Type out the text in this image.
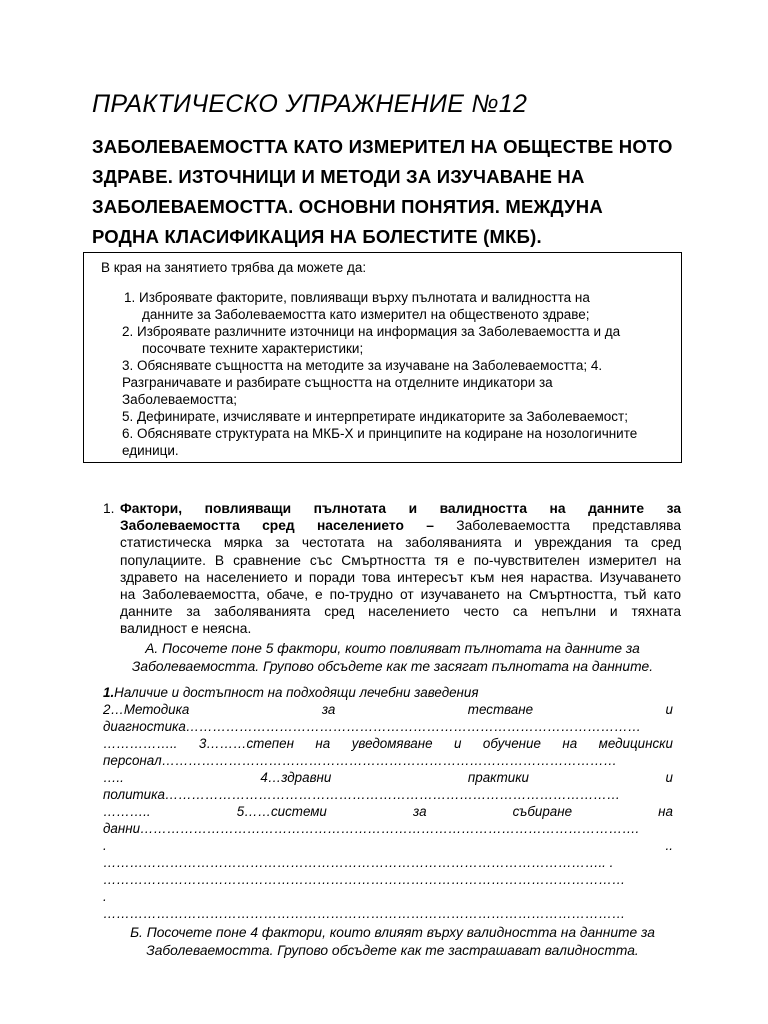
ПРАКТИЧЕСКО УПРАЖНЕНИЕ №12
ЗАБОЛЕВАЕМОСТТА КАТО ИЗМЕРИТЕЛ НА ОБЩЕСТВЕ НОТО
ЗДРАВЕ. ИЗТОЧНИЦИ И МЕТОДИ ЗА ИЗУЧАВАНЕ НА
ЗАБОЛЕВАЕМОСТТА. ОСНОВНИ ПОНЯТИЯ. МЕЖДУНА
РОДНА КЛАСИФИКАЦИЯ НА БОЛЕСТИТЕ (МКБ).
В края на занятието трябва да можете да:
1. Изброявате факторите, повлияващи върху пълнотата и валидността на
данните за Заболеваемостта като измерител на общественото здраве;
2. Изброявате различните източници на информация за Заболеваемостта и да
посочвате техните характеристики;
3. Обяснявате същността на методите за изучаване на Заболеваемостта; 4.
Разграничавате и разбирате същността на отделните индикатори за
Заболеваемостта;
5. Дефинирате, изчислявате и интерпретирате индикаторите за Заболеваемост;
6. Обяснявате структурата на МКБ-Х и принципите на кодиране на нозологичните
единици.
1. Фактори, повлияващи пълнотата и валидността на данните за
Заболеваемостта сред населението – Заболеваемостта представлява
статистическа мярка за честотата на заболяванията и увреждания та сред
популациите. В сравнение със Смъртността тя е по-чувствителен измерител на
здравето на населението и поради това интересът към нея нараства. Изучаването
на Заболеваемостта, обаче, е по-трудно от изучаването на Смъртността, тъй като
данните за заболяванията сред населението често са непълни и тяхната
валидност е неясна.
А. Посочете поне 5 фактори, които повлияват пълнотата на данните за
Заболеваемостта. Групово обсъдете как те засягат пълнотата на данните.
1. Наличие и достъпност на подходящи лечебни заведения
2…Методика	за	тестване	и
диагностика…………………………………………………………………………………………
…………….. 3………степен на уведомяване и обучение на медицински
персонал…………………………………………………………………………………………
…..	4…здравни	практики	и
политика…………………………………………………………………………………………
………..	5……системи	за	събиране	на
данни………………………………………………………………………………………………….
.	..
………………………………………………………………………………………………….. .
………………………………………………………………………………………………………
.
………………………………………………………………………………………………………
Б. Посочете поне 4 фактори, които влияят върху валидността на данните за
Заболеваемостта. Групово обсъдете как те застрашават валидността.
